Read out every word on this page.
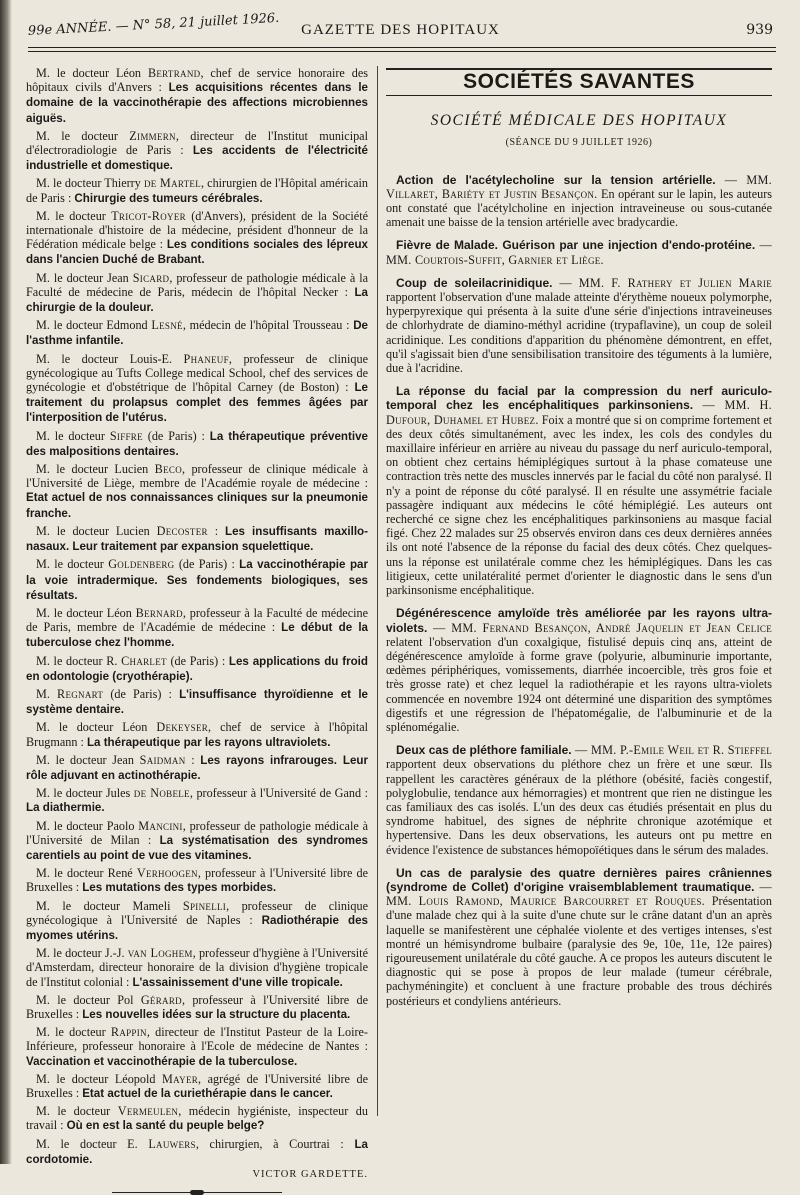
99e ANNÉE. — N° 58, 21 juillet 1926.	GAZETTE DES HOPITAUX	939

M. le docteur Léon Bertrand, chef de service honoraire des hôpitaux civils d'Anvers : Les acquisitions récentes dans le domaine de la vaccinothérapie des affections microbiennes aiguës.

M. le docteur Zimmern, directeur de l'Institut municipal d'électroradiologie de Paris : Les accidents de l'électricité industrielle et domestique.

M. le docteur Thierry de Martel, chirurgien de l'Hôpital américain de Paris : Chirurgie des tumeurs cérébrales.

M. le docteur Tricot-Royer (d'Anvers), président de la Société internationale d'histoire de la médecine, président d'honneur de la Fédération médicale belge : Les conditions sociales des lépreux dans l'ancien Duché de Brabant.

M. le docteur Jean Sicard, professeur de pathologie médicale à la Faculté de médecine de Paris, médecin de l'hôpital Necker : La chirurgie de la douleur.

M. le docteur Edmond Lesné, médecin de l'hôpital Trousseau : De l'asthme infantile.

M. le docteur Louis-E. Phaneuf, professeur de clinique gynécologique au Tufts College medical School, chef des services de gynécologie et d'obstétrique de l'hôpital Carney (de Boston) : Le traitement du prolapsus complet des femmes âgées par l'interposition de l'utérus.

M. le docteur Siffre (de Paris) : La thérapeutique préventive des malpositions dentaires.

M. le docteur Lucien Beco, professeur de clinique médicale à l'Université de Liège, membre de l'Académie royale de médecine : Etat actuel de nos connaissances cliniques sur la pneumonie franche.

M. le docteur Lucien Decoster : Les insuffisants maxillo-nasaux. Leur traitement par expansion squelettique.

M. le docteur Goldenberg (de Paris) : La vaccinothérapie par la voie intradermique. Ses fondements biologiques, ses résultats.

M. le docteur Léon Bernard, professeur à la Faculté de médecine de Paris, membre de l'Académie de médecine : Le début de la tuberculose chez l'homme.

M. le docteur R. Charlet (de Paris) : Les applications du froid en odontologie (cryothérapie).

M. Regnart (de Paris) : L'insuffisance thyroïdienne et le système dentaire.

M. le docteur Léon Dekeyser, chef de service à l'hôpital Brugmann : La thérapeutique par les rayons ultraviolets.

M. le docteur Jean Saidman : Les rayons infrarouges. Leur rôle adjuvant en actinothérapie.

M. le docteur Jules de Nobele, professeur à l'Université de Gand : La diathermie.

M. le docteur Paolo Mancini, professeur de pathologie médicale à l'Université de Milan : La systématisation des syndromes carentiels au point de vue des vitamines.

M. le docteur René Verhoogen, professeur à l'Université libre de Bruxelles : Les mutations des types morbides.

M. le docteur Mameli Spinelli, professeur de clinique gynécologique à l'Université de Naples : Radiothérapie des myomes utérins.

M. le docteur J.-J. van Loghem, professeur d'hygiène à l'Université d'Amsterdam, directeur honoraire de la division d'hygiène tropicale de l'Institut colonial : L'assainissement d'une ville tropicale.

M. le docteur Pol Gérard, professeur à l'Université libre de Bruxelles : Les nouvelles idées sur la structure du placenta.

M. le docteur Rappin, directeur de l'Institut Pasteur de la Loire-Inférieure, professeur honoraire à l'Ecole de médecine de Nantes : Vaccination et vaccinothérapie de la tuberculose.

M. le docteur Léopold Mayer, agrégé de l'Université libre de Bruxelles : Etat actuel de la curiethérapie dans le cancer.

M. le docteur Vermeulen, médecin hygiéniste, inspecteur du travail : Où en est la santé du peuple belge?

M. le docteur E. Lauwers, chirurgien, à Courtrai : La cordotomie.

VICTOR GARDETTE.
SOCIÉTÉS SAVANTES
SOCIÉTÉ MÉDICALE DES HOPITAUX
(SÉANCE DU 9 JUILLET 1926)

Action de l'acétylecholine sur la tension artérielle. — MM. Villaret, Bariéty et Justin Besançon. En opérant sur le lapin, les auteurs ont constaté que l'acétylcholine en injection intraveineuse ou sous-cutanée amenait une baisse de la tension artérielle avec bradycardie.

Fièvre de Malade. Guérison par une injection d'endo-protéine. — MM. Courtois-Suffit, Garnier et Liège.

Coup de soleilacrinidique. — MM. F. Rathery et Julien Marie rapportent l'observation d'une malade atteinte d'érythème noueux polymorphe, hyperpyrexique qui présenta à la suite d'une série d'injections intraveineuses de chlorhydrate de diamino-méthyl acridine (trypaflavine), un coup de soleil acridinique. Les conditions d'apparition du phénomène démontrent, en effet, qu'il s'agissait bien d'une sensibilisation transitoire des téguments à la lumière, due à l'acridine.

La réponse du facial par la compression du nerf auriculo-temporal chez les encéphalitiques parkinsoniens. — MM. H. Dufour, Duhamel et Hubez. Foix a montré que si on comprime fortement et des deux côtés simultanément, avec les index, les cols des condyles du maxillaire inférieur en arrière au niveau du passage du nerf auriculo-temporal, on obtient chez certains hémiplégiques surtout à la phase comateuse une contraction très nette des muscles innervés par le facial du côté non paralysé. Il n'y a point de réponse du côté paralysé. Il en résulte une assymétrie faciale passagère indiquant aux médecins le côté hémiplégié. Les auteurs ont recherché ce signe chez les encéphalitiques parkinsoniens au masque facial figé. Chez 22 malades sur 25 observés environ dans ces deux dernières années ils ont noté l'absence de la réponse du facial des deux côtés. Chez quelques-uns la réponse est unilatérale comme chez les hémiplégiques. Dans les cas litigieux, cette unilatéralité permet d'orienter le diagnostic dans le sens d'un parkinsonisme encéphalitique.

Dégénérescence amyloïde très améliorée par les rayons ultra-violets. — MM. Fernand Besançon, André Jaquelin et Jean Celice relatent l'observation d'un coxalgique, fistulisé depuis cinq ans, atteint de dégénérescence amyloïde à forme grave (polyurie, albuminurie importante, œdèmes périphériques, vomissements, diarrhée incoercible, très gros foie et très grosse rate) et chez lequel la radiothérapie et les rayons ultra-violets commencée en novembre 1924 ont déterminé une disparition des symptômes digestifs et une régression de l'hépatomégalie, de l'albuminurie et de la splénomégalie.

Deux cas de pléthore familiale. — MM. P.-Emile Weil et R. Stieffel rapportent deux observations du pléthore chez un frère et une sœur. Ils rappellent les caractères généraux de la pléthore (obésité, faciès congestif, polyglobulie, tendance aux hémorragies) et montrent que rien ne distingue les cas familiaux des cas isolés. L'un des deux cas étudiés présentait en plus du syndrome habituel, des signes de néphrite chronique azotémique et hypertensive. Dans les deux observations, les auteurs ont pu mettre en évidence l'existence de substances hémopoïétiques dans le sérum des malades.

Un cas de paralysie des quatre dernières paires crâniennes (syndrome de Collet) d'origine vraisemblablement traumatique. — MM. Louis Ramond, Maurice Barcourret et Rouques. Présentation d'une malade chez qui à la suite d'une chute sur le crâne datant d'un an après laquelle se manifestèrent une céphalée violente et des vertiges intenses, s'est montré un hémisyndrome bulbaire (paralysie des 9e, 10e, 11e, 12e paires) rigoureusement unilatérale du côté gauche. A ce propos les auteurs discutent le diagnostic qui se pose à propos de leur malade (tumeur cérébrale, pachyméningite) et concluent à une fracture probable des trous déchirés postérieurs et condyliens antérieurs.
